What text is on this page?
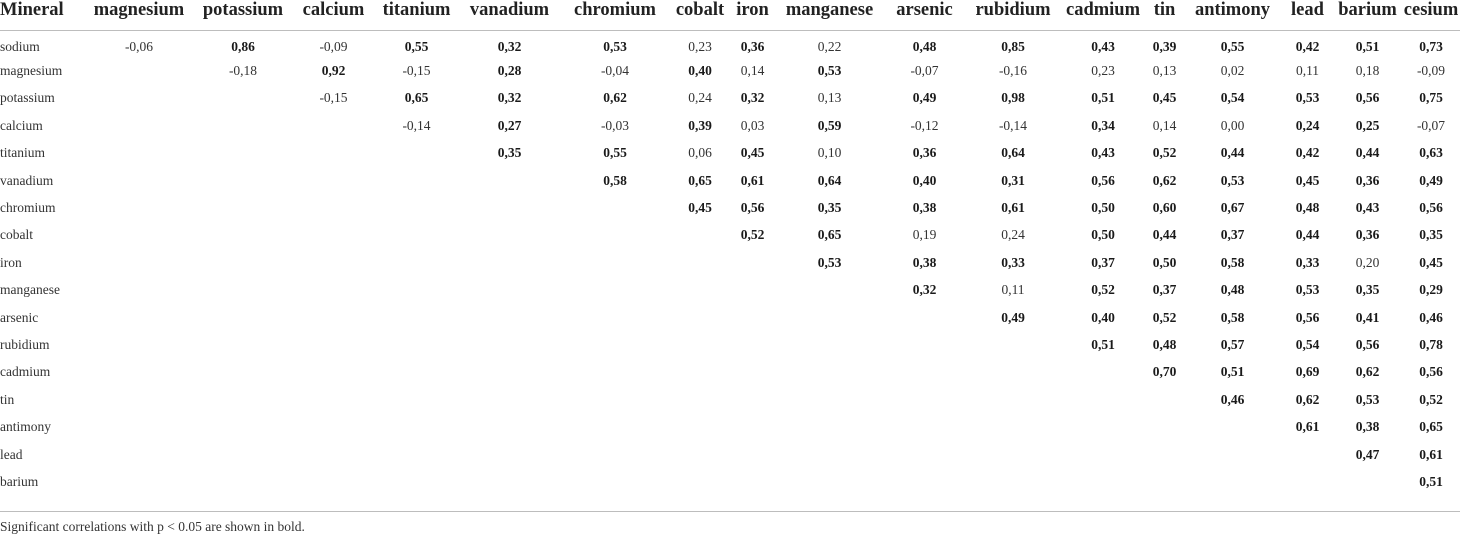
Mineral	magnesium	potassium	calcium	titanium	vanadium	chromium	cobalt	iron	manganese	arsenic	rubidium	cadmium	tin	antimony	lead	barium	cesium
sodium	-0,06	0,86	-0,09	0,55	0,32	0,53	0,23	0,36	0,22	0,48	0,85	0,43	0,39	0,55	0,42	0,51	0,73
magnesium		-0,18	0,92	-0,15	0,28	-0,04	0,40	0,14	0,53	-0,07	-0,16	0,23	0,13	0,02	0,11	0,18	-0,09
potassium			-0,15	0,65	0,32	0,62	0,24	0,32	0,13	0,49	0,98	0,51	0,45	0,54	0,53	0,56	0,75
calcium				-0,14	0,27	-0,03	0,39	0,03	0,59	-0,12	-0,14	0,34	0,14	0,00	0,24	0,25	-0,07
titanium					0,35	0,55	0,06	0,45	0,10	0,36	0,64	0,43	0,52	0,44	0,42	0,44	0,63
vanadium						0,58	0,65	0,61	0,64	0,40	0,31	0,56	0,62	0,53	0,45	0,36	0,49
chromium							0,45	0,56	0,35	0,38	0,61	0,50	0,60	0,67	0,48	0,43	0,56
cobalt								0,52	0,65	0,19	0,24	0,50	0,44	0,37	0,44	0,36	0,35
iron									0,53	0,38	0,33	0,37	0,50	0,58	0,33	0,20	0,45
manganese										0,32	0,11	0,52	0,37	0,48	0,53	0,35	0,29
arsenic											0,49	0,40	0,52	0,58	0,56	0,41	0,46
rubidium												0,51	0,48	0,57	0,54	0,56	0,78
cadmium													0,70	0,51	0,69	0,62	0,56
tin														0,46	0,62	0,53	0,52
antimony															0,61	0,38	0,65
lead																0,47	0,61
barium																	0,51
Significant correlations with p < 0.05 are shown in bold.
